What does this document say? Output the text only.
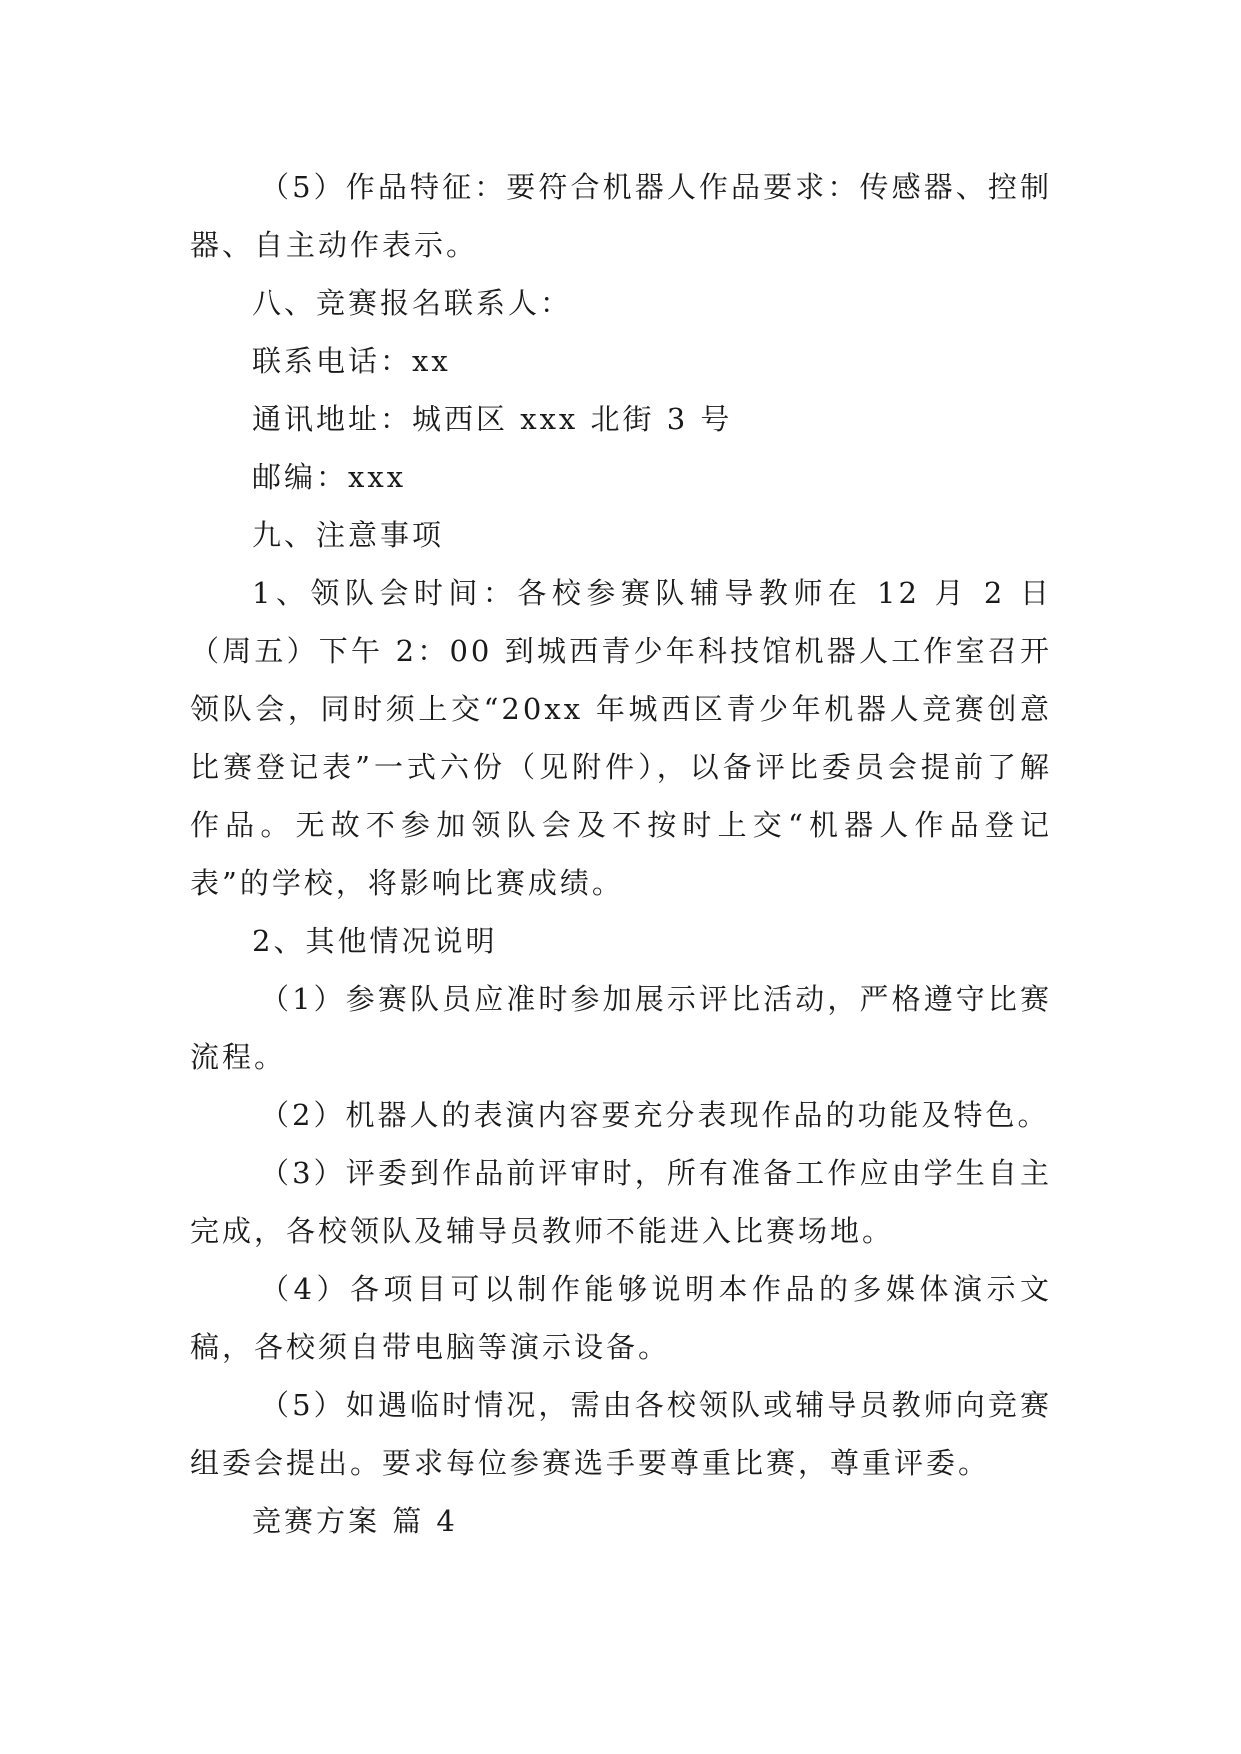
（5）作品特征：要符合机器人作品要求：传感器、控制器、自主动作表示。

八、竞赛报名联系人：

联系电话：xx

通讯地址：城西区 xxx 北街 3 号

邮编：xxx

九、注意事项

1、领队会时间：各校参赛队辅导教师在 12 月 2 日（周五）下午 2：00 到城西青少年科技馆机器人工作室召开领队会，同时须上交“20xx 年城西区青少年机器人竞赛创意比赛登记表”一式六份（见附件），以备评比委员会提前了解作品。无故不参加领队会及不按时上交“机器人作品登记表”的学校，将影响比赛成绩。

2、其他情况说明

（1）参赛队员应准时参加展示评比活动，严格遵守比赛流程。

（2）机器人的表演内容要充分表现作品的功能及特色。

（3）评委到作品前评审时，所有准备工作应由学生自主完成，各校领队及辅导员教师不能进入比赛场地。

（4）各项目可以制作能够说明本作品的多媒体演示文稿，各校须自带电脑等演示设备。

（5）如遇临时情况，需由各校领队或辅导员教师向竞赛组委会提出。要求每位参赛选手要尊重比赛，尊重评委。

竞赛方案 篇 4
